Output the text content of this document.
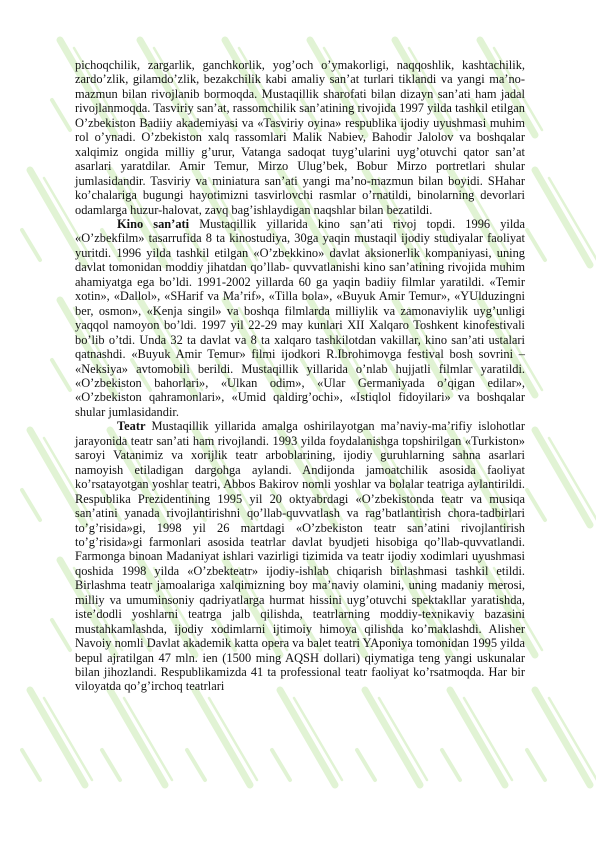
pichoqchilik, zargarlik, ganchkorlik, yog’och o’ymakorligi, naqqoshlik, kashtachilik, zardo’zlik, gilamdo’zlik, bezakchilik kabi amaliy san’at turlari tiklandi va yangi ma’no-mazmun bilan rivojlanib bormoqda. Mustaqillik sharofati bilan dizayn san’ati ham jadal rivojlanmoqda. Tasviriy san’at, rassomchilik san’atining rivojida 1997 yilda tashkil etilgan O’zbekiston Badiiy akademiyasi va «Tasviriy oyina» respublika ijodiy uyushmasi muhim rol o’ynadi. O’zbekiston xalq rassomlari Malik Nabiev, Bahodir Jalolov va boshqalar xalqimiz ongida milliy g’urur, Vatanga sadoqat tuyg’ularini uyg’otuvchi qator san’at asarlari yaratdilar. Amir Temur, Mirzo Ulug’bek, Bobur Mirzo portretlari shular jumlasidandir. Tasviriy va miniatura san’ati yangi ma’no-mazmun bilan boyidi. SHahar ko’chalariga bugungi hayotimizni tasvirlovchi rasmlar o’rnatildi, binolarning devorlari odamlarga huzur-halovat, zavq bag’ishlaydigan naqshlar bilan bezatildi.

Kino san’ati Mustaqillik yillarida kino san’ati rivoj topdi. 1996 yilda «O’zbekfilm» tasarrufida 8 ta kinostudiya, 30ga yaqin mustaqil ijodiy studiyalar faoliyat yuritdi. 1996 yilda tashkil etilgan «O’zbekkino» davlat aksionerlik kompaniyasi, uning davlat tomonidan moddiy jihatdan qo’llab- quvvatlanishi kino san’atining rivojida muhim ahamiyatga ega bo’ldi. 1991-2002 yillarda 60 ga yaqin badiiy filmlar yaratildi. «Temir xotin», «Dallol», «SHarif va Ma’rif», «Tilla bola», «Buyuk Amir Temur», «YUlduzingni ber, osmon», «Kenja singil» va boshqa filmlarda milliylik va zamonaviylik uyg’unligi yaqqol namoyon bo’ldi. 1997 yil 22-29 may kunlari XII Xalqaro Toshkent kinofestivali bo’lib o’tdi. Unda 32 ta davlat va 8 ta xalqaro tashkilotdan vakillar, kino san’ati ustalari qatnashdi. «Buyuk Amir Temur» filmi ijodkori R.Ibrohimovga festival bosh sovrini – «Neksiya» avtomobili berildi. Mustaqillik yillarida o’nlab hujjatli filmlar yaratildi. «O’zbekiston bahorlari», «Ulkan odim», «Ular Germaniyada o’qigan edilar», «O’zbekiston qahramonlari», «Umid qaldirg’ochi», «Istiqlol fidoyilari» va boshqalar shular jumlasidandir.

Teatr Mustaqillik yillarida amalga oshirilayotgan ma’naviy-ma’rifiy islohotlar jarayonida teatr san’ati ham rivojlandi. 1993 yilda foydalanishga topshirilgan «Turkiston» saroyi Vatanimiz va xorijlik teatr arboblarining, ijodiy guruhlarning sahna asarlari namoyish etiladigan dargohga aylandi. Andijonda jamoatchilik asosida faoliyat ko’rsatayotgan yoshlar teatri, Abbos Bakirov nomli yoshlar va bolalar teatriga aylantirildi. Respublika Prezidentining 1995 yil 20 oktyabrdagi «O’zbekistonda teatr va musiqa san’atini yanada rivojlantirishni qo’llab-quvvatlash va rag’batlantirish chora-tadbirlari to’g’risida»gi, 1998 yil 26 martdagi «O’zbekiston teatr san’atini rivojlantirish to’g’risida»gi farmonlari asosida teatrlar davlat byudjeti hisobiga qo’llab-quvvatlandi. Farmonga binoan Madaniyat ishlari vazirligi tizimida va teatr ijodiy xodimlari uyushmasi qoshida 1998 yilda «O’zbekteatr» ijodiy-ishlab chiqarish birlashmasi tashkil etildi. Birlashma teatr jamoalariga xalqimizning boy ma’naviy olamini, uning madaniy merosi, milliy va umuminsoniy qadriyatlarga hurmat hissini uyg’otuvchi spektakllar yaratishda, iste’dodli yoshlarni teatrga jalb qilishda, teatrlarning moddiy-texnikaviy bazasini mustahkamlashda, ijodiy xodimlarni ijtimoiy himoya qilishda ko’maklashdi. Alisher Navoiy nomli Davlat akademik katta opera va balet teatri YAponiya tomonidan 1995 yilda bepul ajratilgan 47 mln. ien (1500 ming AQSH dollari) qiymatiga teng yangi uskunalar bilan jihozlandi. Respublikamizda 41 ta professional teatr faoliyat ko’rsatmoqda. Har bir viloyatda qo’g’irchoq teatrlari
